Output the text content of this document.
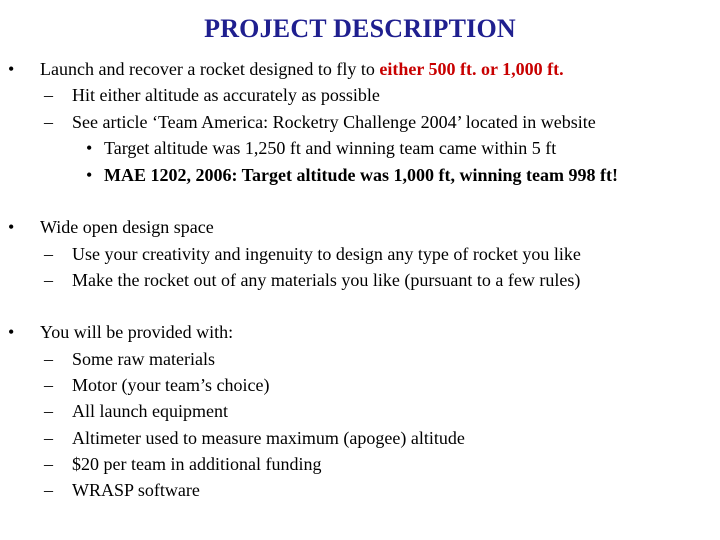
PROJECT DESCRIPTION
• Launch and recover a rocket designed to fly to either 500 ft. or 1,000 ft.
– Hit either altitude as accurately as possible
– See article ‘Team America: Rocketry Challenge 2004’ located in website
• Target altitude was 1,250 ft and winning team came within 5 ft
• MAE 1202, 2006: Target altitude was 1,000 ft, winning team 998 ft!
• Wide open design space
– Use your creativity and ingenuity to design any type of rocket you like
– Make the rocket out of any materials you like (pursuant to a few rules)
• You will be provided with:
– Some raw materials
– Motor (your team’s choice)
– All launch equipment
– Altimeter used to measure maximum (apogee) altitude
– $20 per team in additional funding
– WRASP software
